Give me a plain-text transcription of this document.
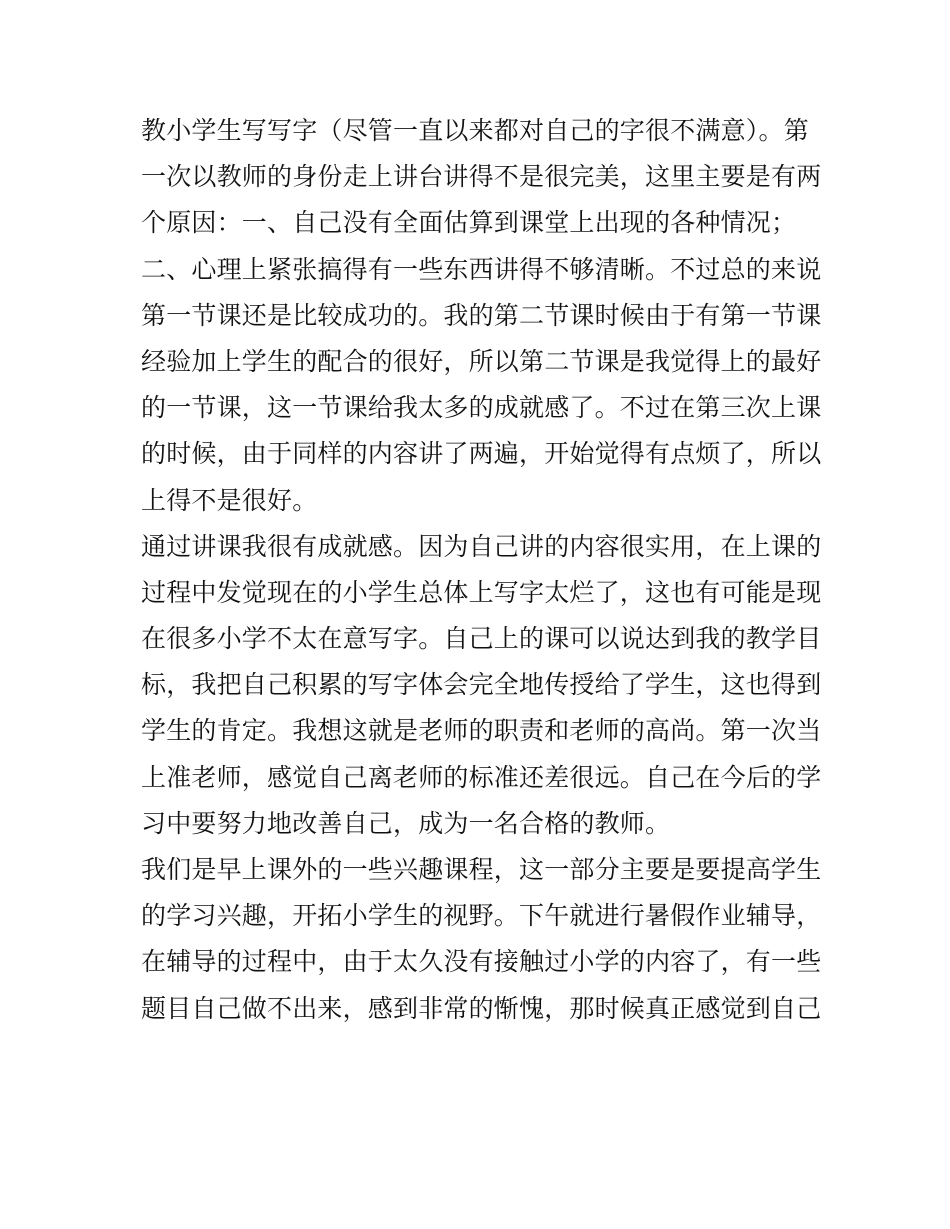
教小学生写写字（尽管一直以来都对自己的字很不满意）。第
一次以教师的身份走上讲台讲得不是很完美，这里主要是有两
个原因：一、自己没有全面估算到课堂上出现的各种情况；
二、心理上紧张搞得有一些东西讲得不够清晰。不过总的来说
第一节课还是比较成功的。我的第二节课时候由于有第一节课
经验加上学生的配合的很好，所以第二节课是我觉得上的最好
的一节课，这一节课给我太多的成就感了。不过在第三次上课
的时候，由于同样的内容讲了两遍，开始觉得有点烦了，所以
上得不是很好。
通过讲课我很有成就感。因为自己讲的内容很实用，在上课的
过程中发觉现在的小学生总体上写字太烂了，这也有可能是现
在很多小学不太在意写字。自己上的课可以说达到我的教学目
标，我把自己积累的写字体会完全地传授给了学生，这也得到
学生的肯定。我想这就是老师的职责和老师的高尚。第一次当
上准老师，感觉自己离老师的标准还差很远。自己在今后的学
习中要努力地改善自己，成为一名合格的教师。
我们是早上课外的一些兴趣课程，这一部分主要是要提高学生
的学习兴趣，开拓小学生的视野。下午就进行暑假作业辅导，
在辅导的过程中，由于太久没有接触过小学的内容了，有一些
题目自己做不出来，感到非常的惭愧，那时候真正感觉到自己
